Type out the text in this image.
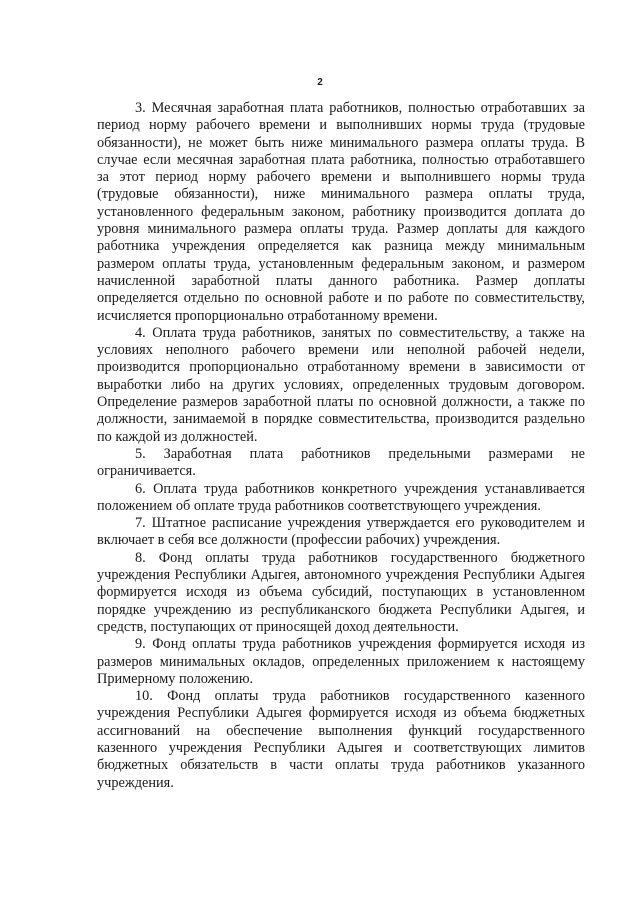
2

3. Месячная заработная плата работников, полностью отработавших за период норму рабочего времени и выполнивших нормы труда (трудовые обязанности), не может быть ниже минимального размера оплаты труда. В случае если месячная заработная плата работника, полностью отработавшего за этот период норму рабочего времени и выполнившего нормы труда (трудовые обязанности), ниже минимального размера оплаты труда, установленного федеральным законом, работнику производится доплата до уровня минимального размера оплаты труда. Размер доплаты для каждого работника учреждения определяется как разница между минимальным размером оплаты труда, установленным федеральным законом, и размером начисленной заработной платы данного работника. Размер доплаты определяется отдельно по основной работе и по работе по совместительству, исчисляется пропорционально отработанному времени.

4. Оплата труда работников, занятых по совместительству, а также на условиях неполного рабочего времени или неполной рабочей недели, производится пропорционально отработанному времени в зависимости от выработки либо на других условиях, определенных трудовым договором. Определение размеров заработной платы по основной должности, а также по должности, занимаемой в порядке совместительства, производится раздельно по каждой из должностей.

5. Заработная плата работников предельными размерами не ограничивается.

6. Оплата труда работников конкретного учреждения устанавливается положением об оплате труда работников соответствующего учреждения.

7. Штатное расписание учреждения утверждается его руководителем и включает в себя все должности (профессии рабочих) учреждения.

8. Фонд оплаты труда работников государственного бюджетного учреждения Республики Адыгея, автономного учреждения Республики Адыгея формируется исходя из объема субсидий, поступающих в установленном порядке учреждению из республиканского бюджета Республики Адыгея, и средств, поступающих от приносящей доход деятельности.

9. Фонд оплаты труда работников учреждения формируется исходя из размеров минимальных окладов, определенных приложением к настоящему Примерному положению.

10. Фонд оплаты труда работников государственного казенного учреждения Республики Адыгея формируется исходя из объема бюджетных ассигнований на обеспечение выполнения функций государственного казенного учреждения Республики Адыгея и соответствующих лимитов бюджетных обязательств в части оплаты труда работников указанного учреждения.
